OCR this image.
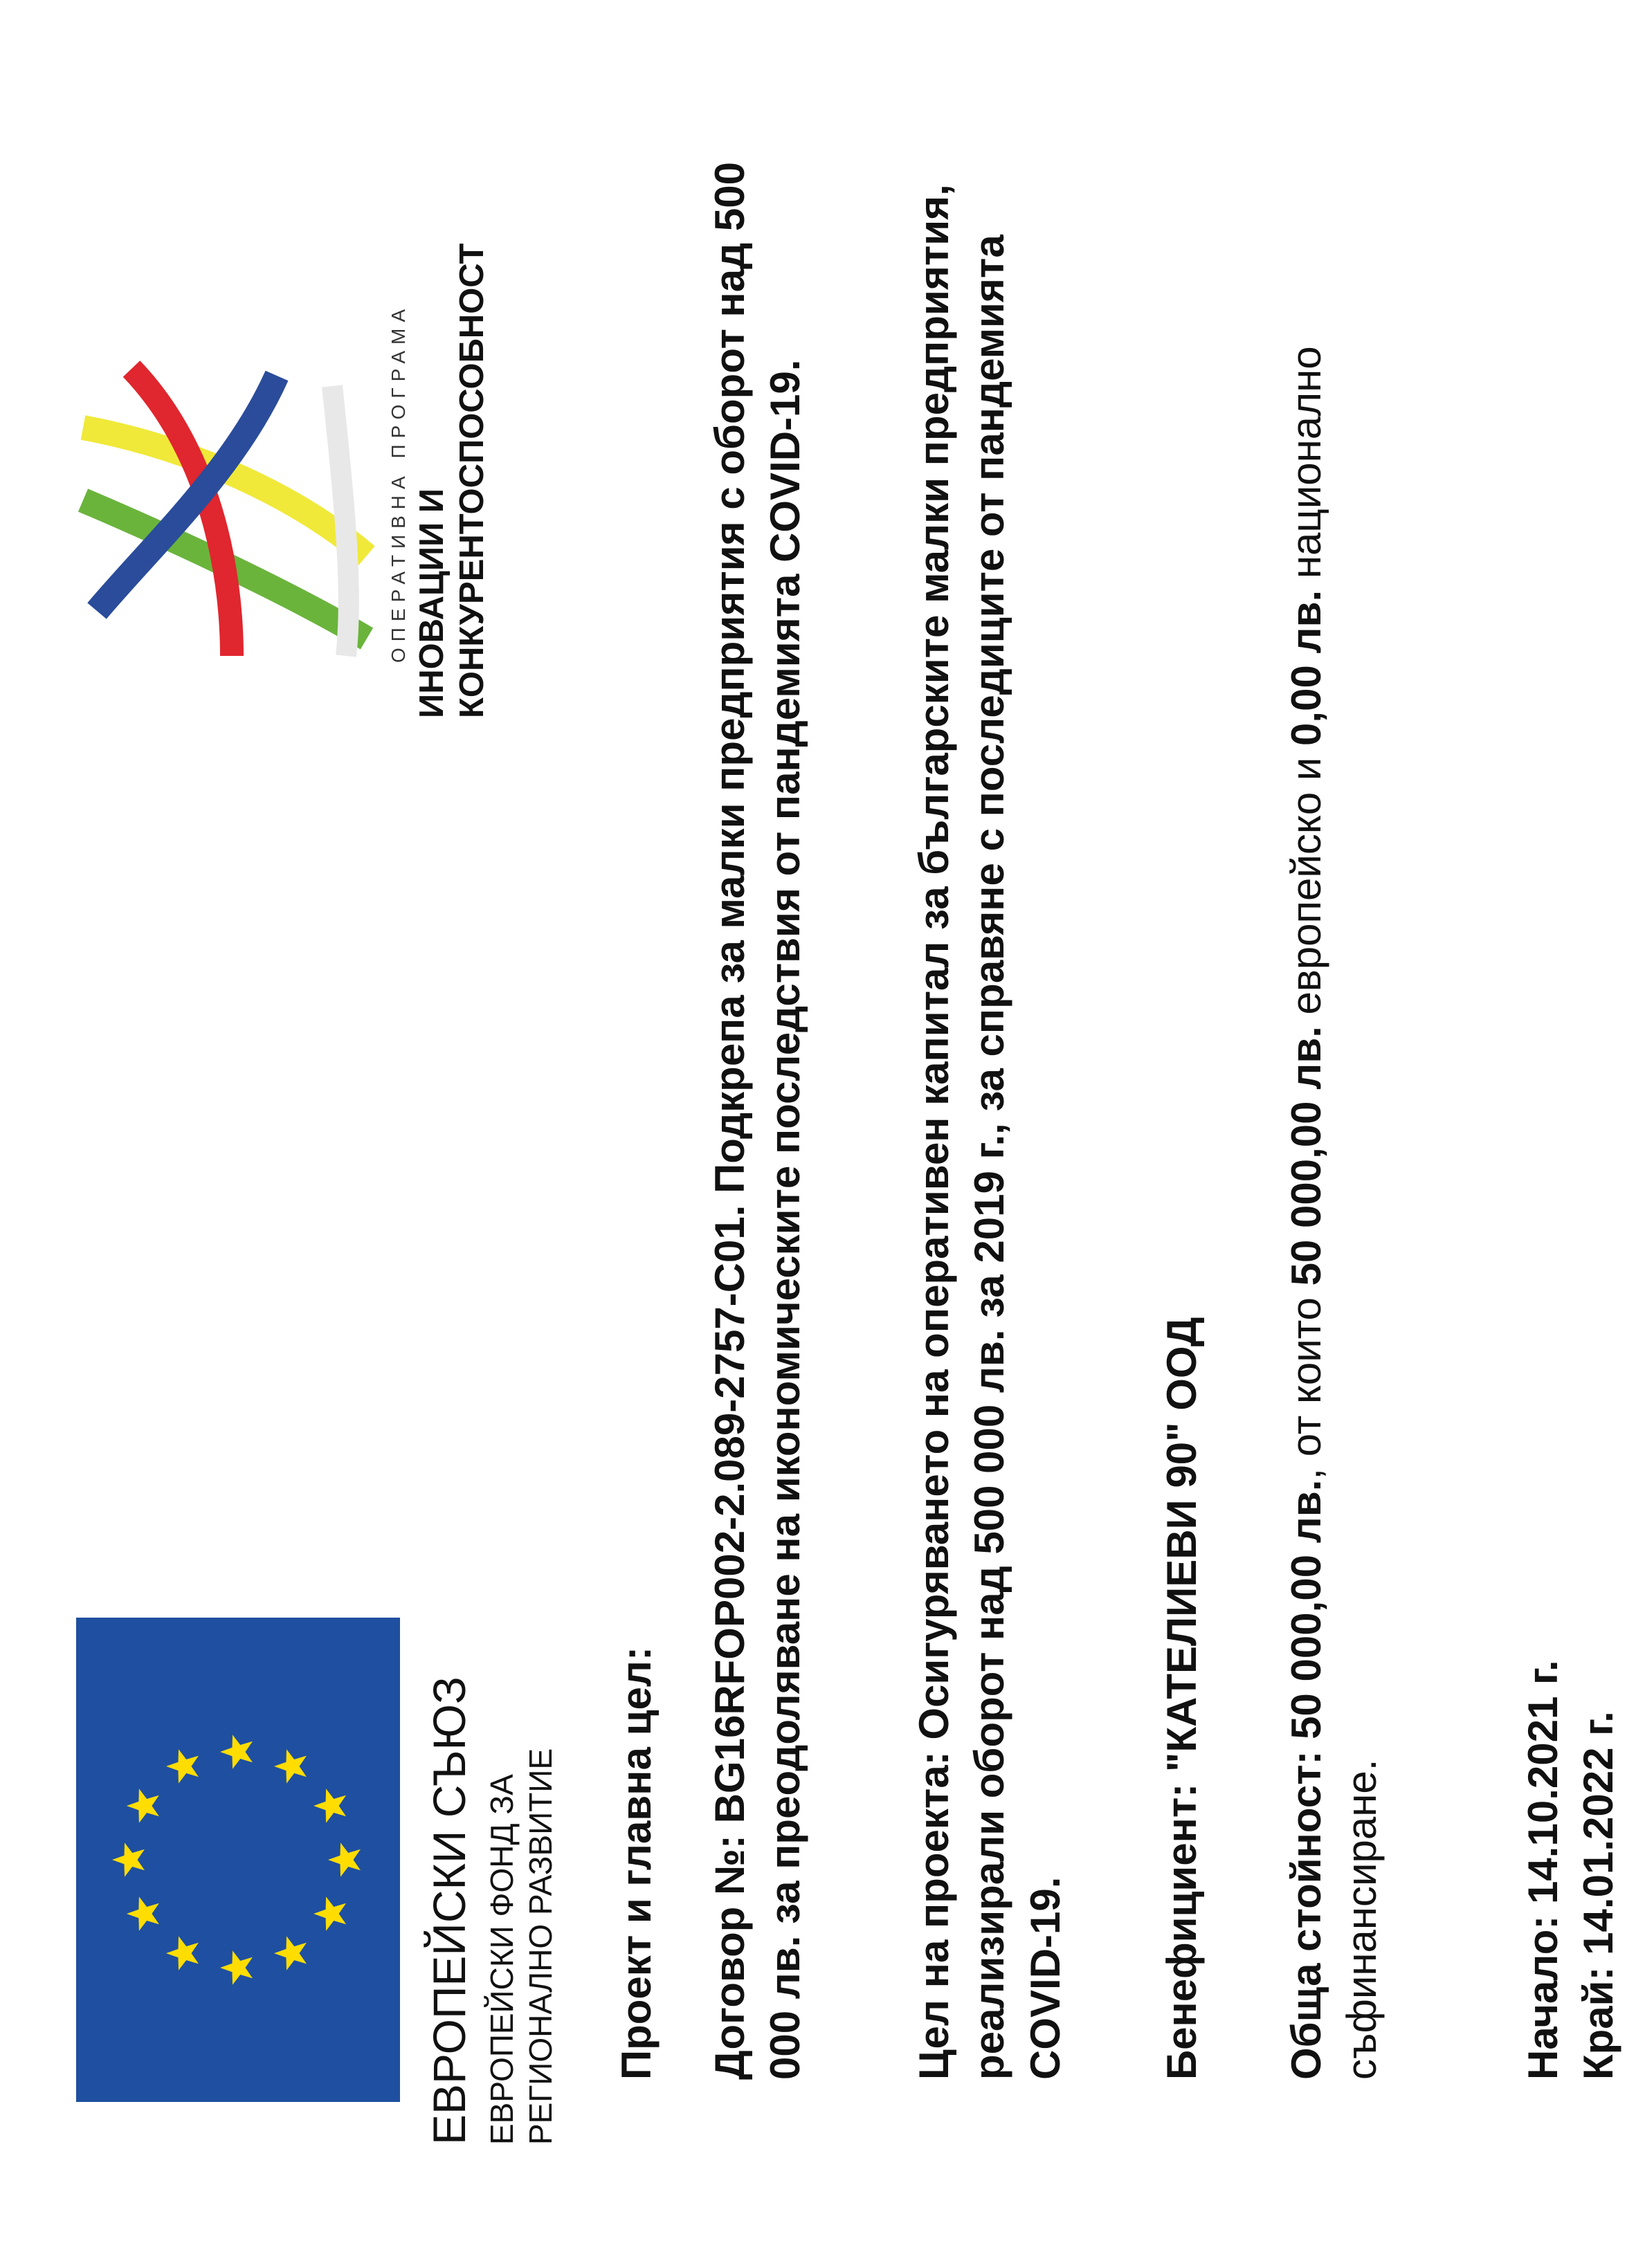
ЕВРОПЕЙСКИ СЪЮЗ ЕВРОПЕЙСКИ ФОНД ЗА РЕГИОНАЛНО РАЗВИТИЕ
ОПЕРАТИВНА ПРОГРАМА ИНОВАЦИИ И КОНКУРЕНТОСПОСОБНОСТ
Проект и главна цел: Договор №: BG16RFOP002-2.089-2757-C01. Подкрепа за малки предприятия с оборот над 500 000 лв. за преодоляване на икономическите последствия от пандемията COVID-19. Цел на проекта: Осигуряването на оперативен капитал за българските малки предприятия, реализирали оборот над 500 000 лв. за 2019 г., за справяне с последиците от пандемията COVID-19. Бенефициент: "КАТЕЛИЕВИ 90" ООД
Обща стойност: 50 000,00 лв., от които 50 000,00 лв. европейско и 0,00 лв. национално съфинансиране.	Начало: 14.10.2021 г.
Край: 14.01.2022 г.
